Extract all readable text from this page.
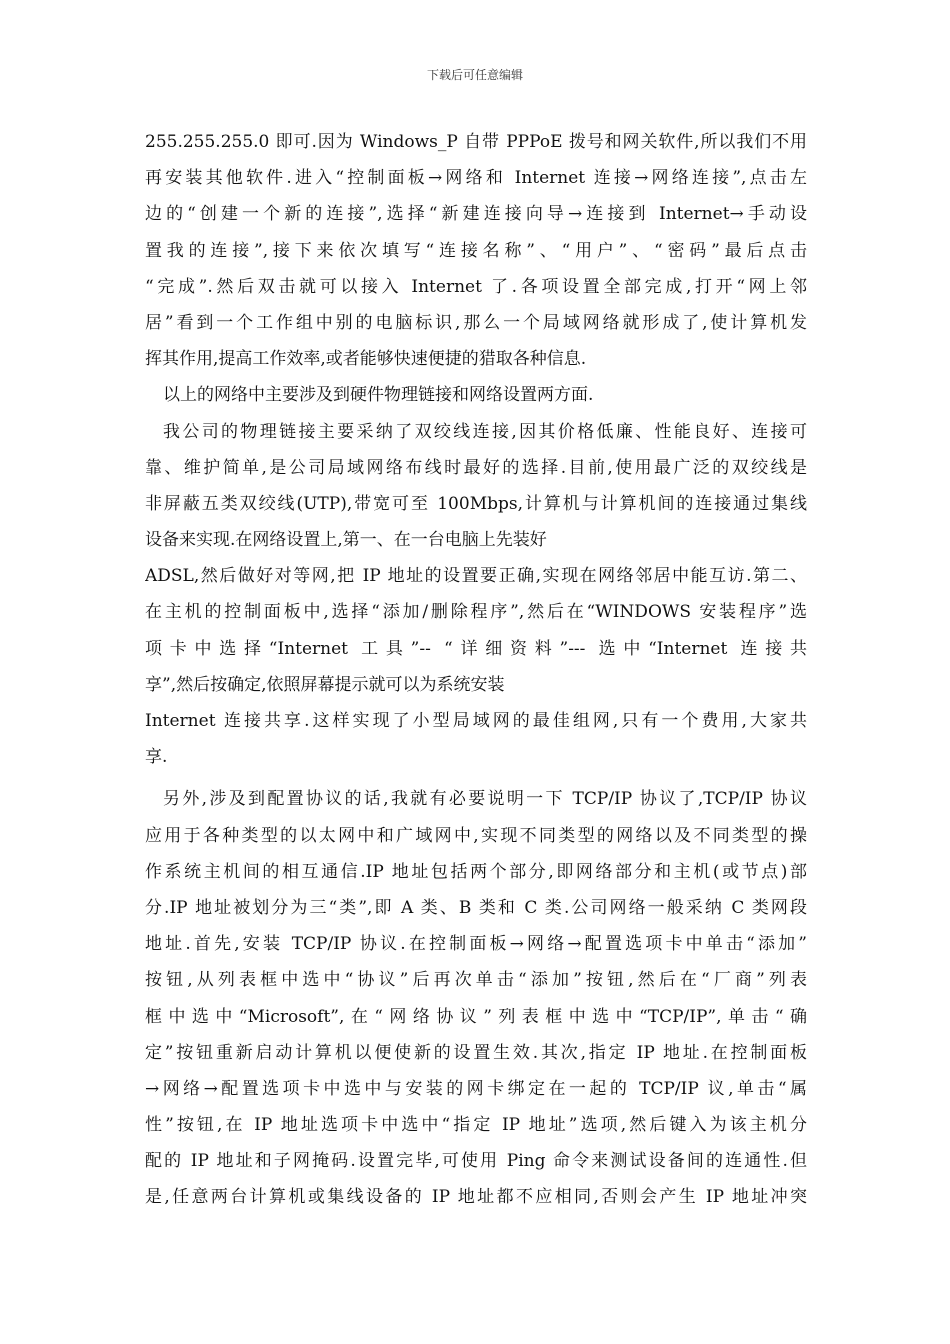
下载后可任意编辑
255.255.255.0 即可.因为 Windows_P 自带 PPPoE 拨号和网关软件,所以我们不用
再安装其他软件.进入“控制面板→网络和 Internet 连接→网络连接”,点击左
边的“创建一个新的连接”,选择“新建连接向导→连接到 Internet→手动设
置我的连接”,接下来依次填写“连接名称”、“用户”、“密码”最后点击
“完成”.然后双击就可以接入 Internet 了.各项设置全部完成,打开“网上邻
居”看到一个工作组中别的电脑标识,那么一个局域网络就形成了,使计算机发
挥其作用,提高工作效率,或者能够快速便捷的猎取各种信息.
以上的网络中主要涉及到硬件物理链接和网络设置两方面.
我公司的物理链接主要采纳了双绞线连接,因其价格低廉、性能良好、连接可
靠、维护简单,是公司局域网络布线时最好的选择.目前,使用最广泛的双绞线是
非屏蔽五类双绞线(UTP),带宽可至 100Mbps,计算机与计算机间的连接通过集线
设备来实现.在网络设置上,第一、在一台电脑上先装好
ADSL,然后做好对等网,把 IP 地址的设置要正确,实现在网络邻居中能互访.第二、
在主机的控制面板中,选择“添加/删除程序”,然后在“WINDOWS 安装程序”选
项卡中选择“Internet 工具”-- “详细资料”--- 选中“Internet 连接共
享”,然后按确定,依照屏幕提示就可以为系统安装
Internet 连接共享.这样实现了小型局域网的最佳组网,只有一个费用,大家共
享.
另外,涉及到配置协议的话,我就有必要说明一下 TCP/IP 协议了,TCP/IP 协议
应用于各种类型的以太网中和广域网中,实现不同类型的网络以及不同类型的操
作系统主机间的相互通信.IP 地址包括两个部分,即网络部分和主机(或节点)部
分.IP 地址被划分为三“类”,即 A 类、B 类和 C 类.公司网络一般采纳 C 类网段
地址.首先,安装 TCP/IP 协议.在控制面板→网络→配置选项卡中单击“添加”
按钮,从列表框中选中“协议”后再次单击“添加”按钮,然后在“厂商”列表
框中选中“Microsoft”,在“网络协议”列表框中选中“TCP/IP”,单击“确
定”按钮重新启动计算机以便使新的设置生效.其次,指定 IP 地址.在控制面板
→网络→配置选项卡中选中与安装的网卡绑定在一起的 TCP/IP 议,单击“属
性”按钮,在 IP 地址选项卡中选中“指定 IP 地址”选项,然后键入为该主机分
配的 IP 地址和子网掩码.设置完毕,可使用 Ping 命令来测试设备间的连通性.但
是,任意两台计算机或集线设备的 IP 地址都不应相同,否则会产生 IP 地址冲突
